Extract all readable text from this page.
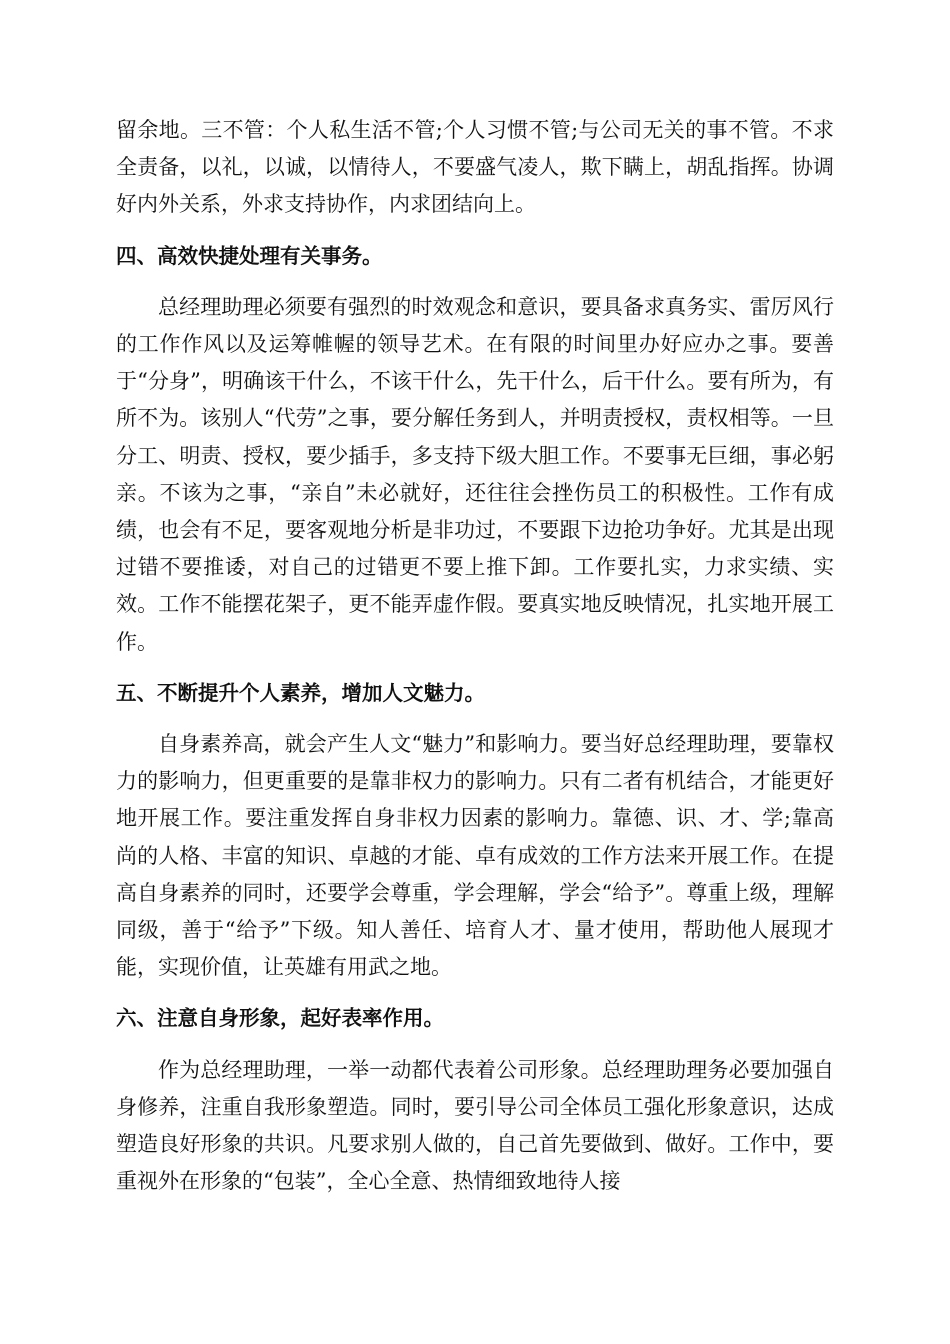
留余地。三不管：个人私生活不管;个人习惯不管;与公司无关的事不管。不求全责备，以礼，以诚，以情待人，不要盛气凌人，欺下瞒上，胡乱指挥。协调好内外关系，外求支持协作，内求团结向上。

四、高效快捷处理有关事务。

总经理助理必须要有强烈的时效观念和意识，要具备求真务实、雷厉风行的工作作风以及运筹帷幄的领导艺术。在有限的时间里办好应办之事。要善于“分身”，明确该干什么，不该干什么，先干什么，后干什么。要有所为，有所不为。该别人“代劳”之事，要分解任务到人，并明责授权，责权相等。一旦分工、明责、授权，要少插手，多支持下级大胆工作。不要事无巨细，事必躬亲。不该为之事，“亲自”未必就好，还往往会挫伤员工的积极性。工作有成绩，也会有不足，要客观地分析是非功过，不要跟下边抢功争好。尤其是出现过错不要推诿，对自己的过错更不要上推下卸。工作要扎实，力求实绩、实效。工作不能摆花架子，更不能弄虚作假。要真实地反映情况，扎实地开展工作。

五、不断提升个人素养，增加人文魅力。

自身素养高，就会产生人文“魅力”和影响力。要当好总经理助理，要靠权力的影响力，但更重要的是靠非权力的影响力。只有二者有机结合，才能更好地开展工作。要注重发挥自身非权力因素的影响力。靠德、识、才、学;靠高尚的人格、丰富的知识、卓越的才能、卓有成效的工作方法来开展工作。在提高自身素养的同时，还要学会尊重，学会理解，学会“给予”。尊重上级，理解同级，善于“给予”下级。知人善任、培育人才、量才使用，帮助他人展现才能，实现价值，让英雄有用武之地。

六、注意自身形象，起好表率作用。

作为总经理助理，一举一动都代表着公司形象。总经理助理务必要加强自身修养，注重自我形象塑造。同时，要引导公司全体员工强化形象意识，达成塑造良好形象的共识。凡要求别人做的，自己首先要做到、做好。工作中，要重视外在形象的“包装”，全心全意、热情细致地待人接
